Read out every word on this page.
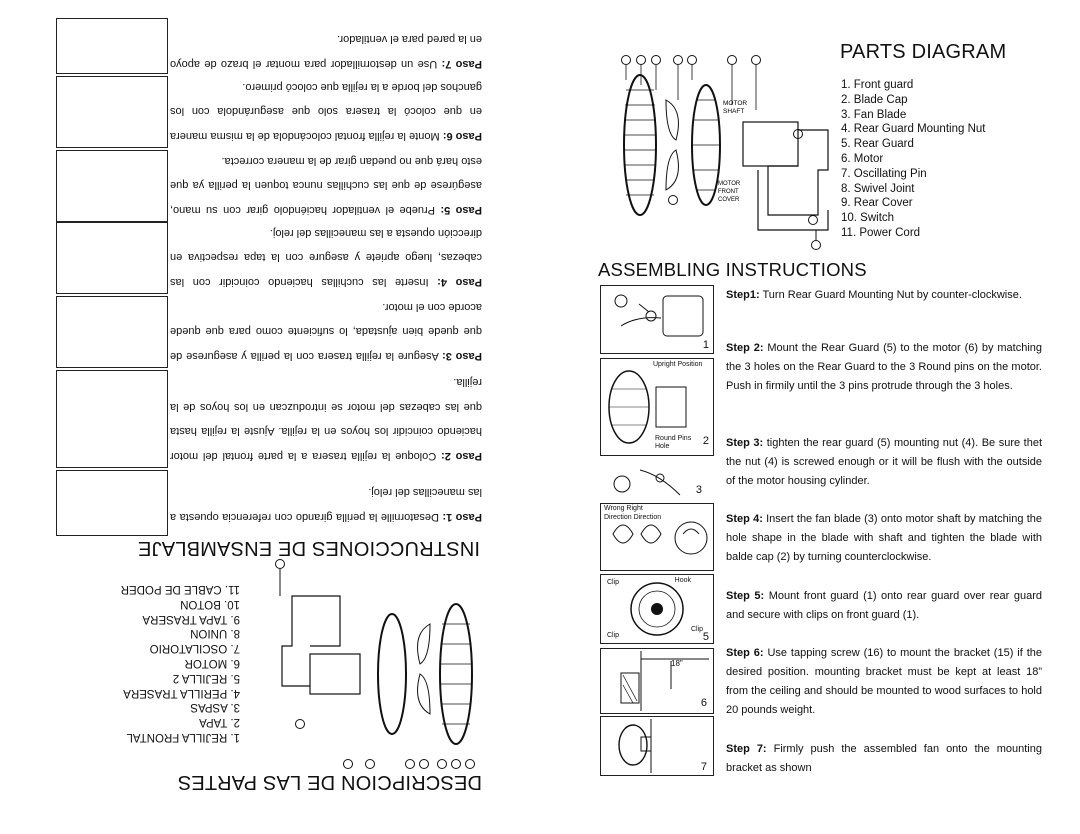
MOTOR
SHAFT
MOTOR
FRONT
COVER
PARTS DIAGRAM
1. Front guard
2. Blade Cap
3. Fan Blade
4. Rear Guard Mounting Nut
5. Rear Guard
6. Motor
7. Oscillating Pin
8. Swivel Joint
9. Rear Cover
10. Switch
11. Power Cord
ASSEMBLING INSTRUCTIONS
1
Upright Position
Round Pins Hole	2
3
Wrong Right
Direction Direction
Clip	Hook
Clip
Clip
5
18"
6
7
Step1: Turn Rear Guard Mounting Nut by counter-clockwise.
Step 2: Mount the Rear Guard (5) to the motor (6) by matching the 3 holes on the Rear Guard to the 3 Round pins on the motor. Push in firmily until the 3 pins protrude through the 3 holes.
Step 3: tighten the rear guard (5) mounting nut (4). Be sure thet the nut (4) is screwed enough or it will be flush with the outside of the motor housing cylinder.
Step 4: Insert the fan blade (3) onto motor shaft by matching the hole shape in the blade with shaft and tighten the blade with balde cap (2) by turning counterclockwise.
Step 5: Mount front guard (1) onto rear guard over rear guard and secure with clips on front guard (1).
Step 6: Use tapping screw (16) to mount the bracket (15) if the desired position. mounting bracket must be kept at least 18” from the ceiling and should be mounted to wood surfaces to hold 20 pounds weight.
Step 7: Firmly push the assembled fan onto the mounting bracket as shown
DESCRIPCION DE LAS PARTES
1. REJILLA FRONTAL
2. TAPA
3. ASPAS
4. PERILLA TRASERA
5. REJILLA 2
6. MOTOR
7. OSCILATORIO
8. UNION
9. TAPA TRASERA
10. BOTON
11. CABLE DE PODER
INSTRUCCIONES DE ENSAMBLAJE
Paso 1: Desatornille la perilla girando con referencia opuesta a las manecillas del reloj.
Paso 2: Coloque la rejilla trasera a la parte frontal del motor haciendo coincidir los hoyos en la rejilla. Ajuste la rejilla hasta que las cabezas del motor se introduzcan en los hoyos de la rejilla.
Paso 3: Asegure la rejilla trasera con la perilla y asegurese de que quede bien ajustada, lo suficiente como para que quede acorde con el motor.
Paso 4: Inserte las cuchillas haciendo coincidir con las cabezas, luego apriete y asegure con la tapa respectiva en dirección opuesta a las manecillas del reloj.
Paso 5: Pruebe el ventilador haciéndolo girar con su mano, asegúrese de que las cuchillas nunca toquen la perilla ya que esto hará que no puedan girar de la manera correcta.
Paso 6: Monte la rejilla frontal colocándola de la misma manera en que colocó la trasera solo que asegurándola con los ganchos del borde a la rejilla que colocó primero.
Paso 7: Use un destornillador para montar el brazo de apoyo en la pared para el ventilador.
